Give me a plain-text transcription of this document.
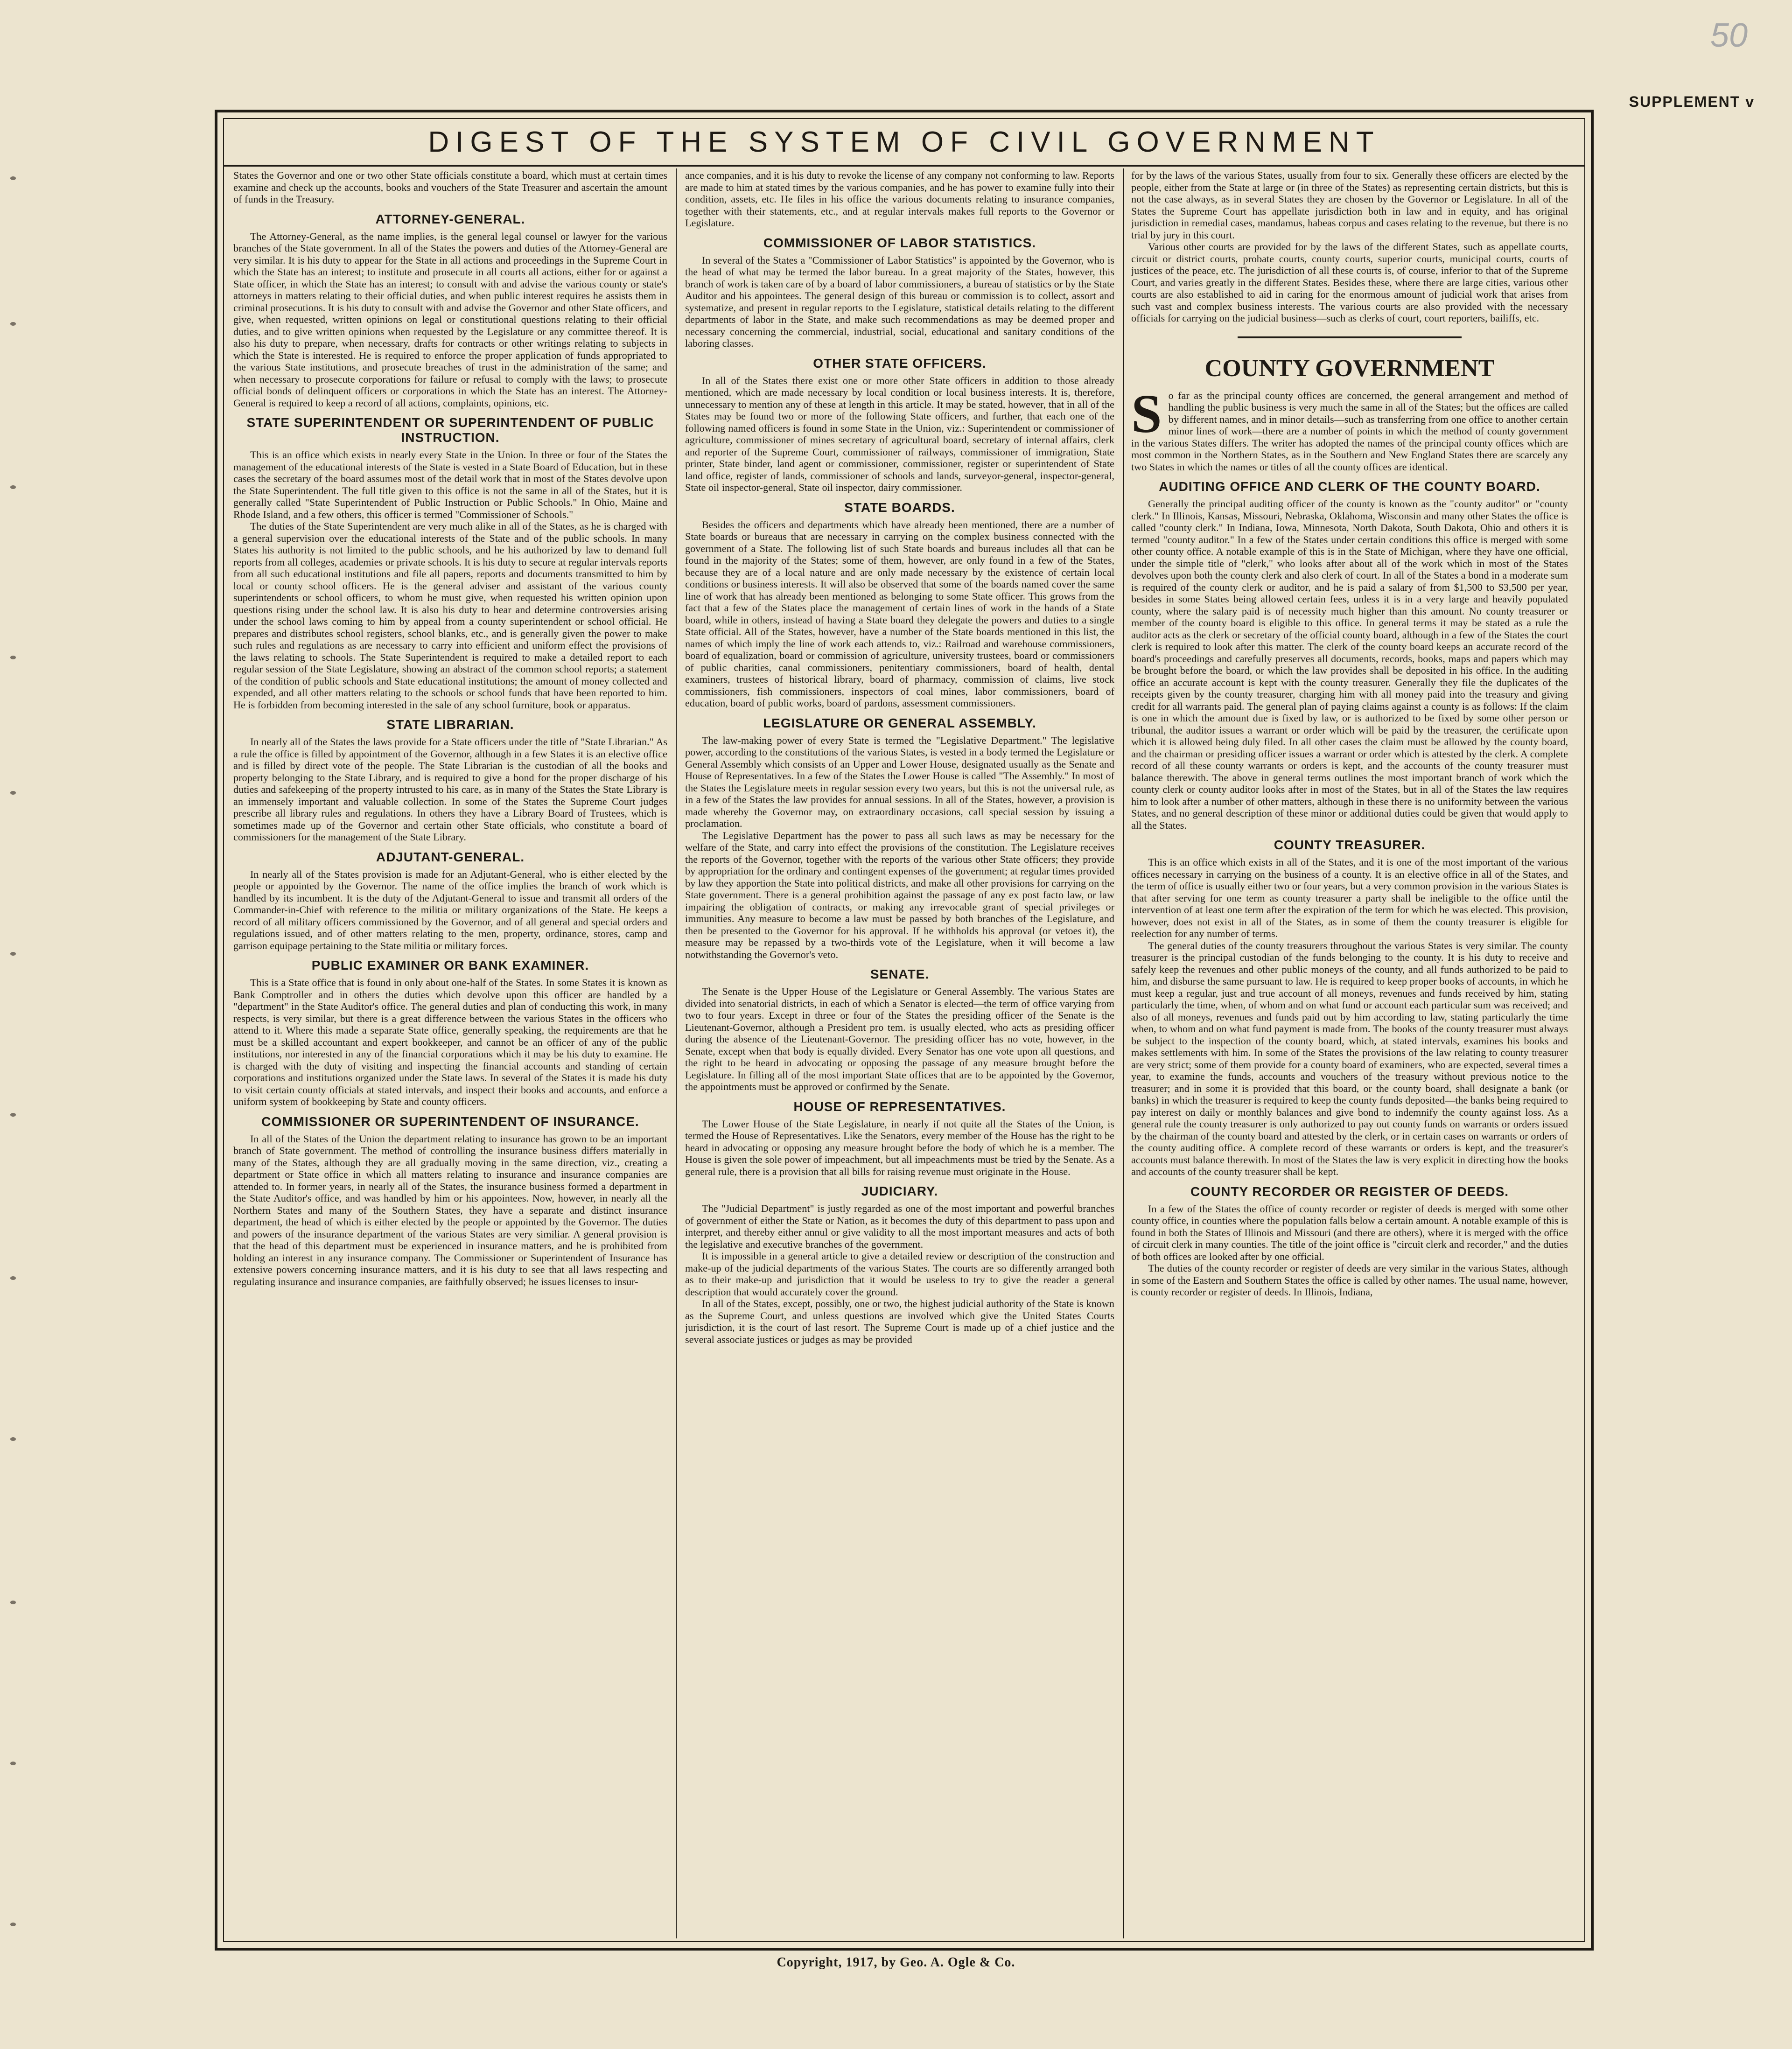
50
SUPPLEMENT v
DIGEST OF THE SYSTEM OF CIVIL GOVERNMENT

States the Governor and one or two other State officials constitute a board, which must at certain times examine and check up the accounts, books and vouchers of the State Treasurer and ascertain the amount of funds in the Treasury.

ATTORNEY-GENERAL.

The Attorney-General, as the name implies, is the general legal counsel or lawyer for the various branches of the State government. In all of the States the powers and duties of the Attorney-General are very similar. It is his duty to appear for the State in all actions and proceedings in the Supreme Court in which the State has an interest; to institute and prosecute in all courts all actions, either for or against a State officer, in which the State has an interest; to consult with and advise the various county or state's attorneys in matters relating to their official duties, and when public interest requires he assists them in criminal prosecutions. It is his duty to consult with and advise the Governor and other State officers, and give, when requested, written opinions on legal or constitutional questions relating to their official duties, and to give written opinions when requested by the Legislature or any committee thereof. It is also his duty to prepare, when necessary, drafts for contracts or other writings relating to subjects in which the State is interested. He is required to enforce the proper application of funds appropriated to the various State institutions, and prosecute breaches of trust in the administration of the same; and when necessary to prosecute corporations for failure or refusal to comply with the laws; to prosecute official bonds of delinquent officers or corporations in which the State has an interest. The Attorney-General is required to keep a record of all actions, complaints, opinions, etc.

STATE SUPERINTENDENT OR SUPERINTENDENT OF PUBLIC INSTRUCTION.

This is an office which exists in nearly every State in the Union. In three or four of the States the management of the educational interests of the State is vested in a State Board of Education, but in these cases the secretary of the board assumes most of the detail work that in most of the States devolve upon the State Superintendent. The full title given to this office is not the same in all of the States, but it is generally called "State Superintendent of Public Instruction or Public Schools." In Ohio, Maine and Rhode Island, and a few others, this officer is termed "Commissioner of Schools."

The duties of the State Superintendent are very much alike in all of the States, as he is charged with a general supervision over the educational interests of the State and of the public schools. In many States his authority is not limited to the public schools, and he his authorized by law to demand full reports from all colleges, academies or private schools. It is his duty to secure at regular intervals reports from all such educational institutions and file all papers, reports and documents transmitted to him by local or county school officers. He is the general adviser and assistant of the various county superintendents or school officers, to whom he must give, when requested his written opinion upon questions rising under the school law. It is also his duty to hear and determine controversies arising under the school laws coming to him by appeal from a county superintendent or school official. He prepares and distributes school registers, school blanks, etc., and is generally given the power to make such rules and regulations as are necessary to carry into efficient and uniform effect the provisions of the laws relating to schools. The State Superintendent is required to make a detailed report to each regular session of the State Legislature, showing an abstract of the common school reports; a statement of the condition of public schools and State educational institutions; the amount of money collected and expended, and all other matters relating to the schools or school funds that have been reported to him. He is forbidden from becoming interested in the sale of any school furniture, book or apparatus.

STATE LIBRARIAN.

In nearly all of the States the laws provide for a State officers under the title of "State Librarian." As a rule the office is filled by appointment of the Governor, although in a few States it is an elective office and is filled by direct vote of the people. The State Librarian is the custodian of all the books and property belonging to the State Library, and is required to give a bond for the proper discharge of his duties and safekeeping of the property intrusted to his care, as in many of the States the State Library is an immensely important and valuable collection. In some of the States the Supreme Court judges prescribe all library rules and regulations. In others they have a Library Board of Trustees, which is sometimes made up of the Governor and certain other State officials, who constitute a board of commissioners for the management of the State Library.

ADJUTANT-GENERAL.

In nearly all of the States provision is made for an Adjutant-General, who is either elected by the people or appointed by the Governor. The name of the office implies the branch of work which is handled by its incumbent. It is the duty of the Adjutant-General to issue and transmit all orders of the Commander-in-Chief with reference to the militia or military organizations of the State. He keeps a record of all military officers commissioned by the Governor, and of all general and special orders and regulations issued, and of other matters relating to the men, property, ordinance, stores, camp and garrison equipage pertaining to the State militia or military forces.

PUBLIC EXAMINER OR BANK EXAMINER.

This is a State office that is found in only about one-half of the States. In some States it is known as Bank Comptroller and in others the duties which devolve upon this officer are handled by a "department" in the State Auditor's office. The general duties and plan of conducting this work, in many respects, is very similar, but there is a great difference between the various States in the officers who attend to it. Where this made a separate State office, generally speaking, the requirements are that he must be a skilled accountant and expert bookkeeper, and cannot be an officer of any of the public institutions, nor interested in any of the financial corporations which it may be his duty to examine. He is charged with the duty of visiting and inspecting the financial accounts and standing of certain corporations and institutions organized under the State laws. In several of the States it is made his duty to visit certain county officials at stated intervals, and inspect their books and accounts, and enforce a uniform system of bookkeeping by State and county officers.

COMMISSIONER OR SUPERINTENDENT OF INSURANCE.

In all of the States of the Union the department relating to insurance has grown to be an important branch of State government. The method of controlling the insurance business differs materially in many of the States, although they are all gradually moving in the same direction, viz., creating a department or State office in which all matters relating to insurance and insurance companies are attended to. In former years, in nearly all of the States, the insurance business formed a department in the State Auditor's office, and was handled by him or his appointees. Now, however, in nearly all the Northern States and many of the Southern States, they have a separate and distinct insurance department, the head of which is either elected by the people or appointed by the Governor. The duties and powers of the insurance department of the various States are very similiar. A general provision is that the head of this department must be experienced in insurance matters, and he is prohibited from holding an interest in any insurance company. The Commissioner or Superintendent of Insurance has extensive powers concerning insurance matters, and it is his duty to see that all laws respecting and regulating insurance and insurance companies, are faithfully observed; he issues licenses to insur-

ance companies, and it is his duty to revoke the license of any company not conforming to law. Reports are made to him at stated times by the various companies, and he has power to examine fully into their condition, assets, etc. He files in his office the various documents relating to insurance companies, together with their statements, etc., and at regular intervals makes full reports to the Governor or Legislature.

COMMISSIONER OF LABOR STATISTICS.

In several of the States a "Commissioner of Labor Statistics" is appointed by the Governor, who is the head of what may be termed the labor bureau. In a great majority of the States, however, this branch of work is taken care of by a board of labor commissioners, a bureau of statistics or by the State Auditor and his appointees. The general design of this bureau or commission is to collect, assort and systematize, and present in regular reports to the Legislature, statistical details relating to the different departments of labor in the State, and make such recommendations as may be deemed proper and necessary concerning the commercial, industrial, social, educational and sanitary conditions of the laboring classes.

OTHER STATE OFFICERS.

In all of the States there exist one or more other State officers in addition to those already mentioned, which are made necessary by local condition or local business interests. It is, therefore, unnecessary to mention any of these at length in this article. It may be stated, however, that in all of the States may be found two or more of the following State officers, and further, that each one of the following named officers is found in some State in the Union, viz.: Superintendent or commissioner of agriculture, commissioner of mines secretary of agricultural board, secretary of internal affairs, clerk and reporter of the Supreme Court, commissioner of railways, commissioner of immigration, State printer, State binder, land agent or commissioner, commissioner, register or superintendent of State land office, register of lands, commissioner of schools and lands, surveyor-general, inspector-general, State oil inspector-general, State oil inspector, dairy commissioner.

STATE BOARDS.

Besides the officers and departments which have already been mentioned, there are a number of State boards or bureaus that are necessary in carrying on the complex business connected with the government of a State. The following list of such State boards and bureaus includes all that can be found in the majority of the States; some of them, however, are only found in a few of the States, because they are of a local nature and are only made necessary by the existence of certain local conditions or business interests. It will also be observed that some of the boards named cover the same line of work that has already been mentioned as belonging to some State officer. This grows from the fact that a few of the States place the management of certain lines of work in the hands of a State board, while in others, instead of having a State board they delegate the powers and duties to a single State official. All of the States, however, have a number of the State boards mentioned in this list, the names of which imply the line of work each attends to, viz.: Railroad and warehouse commissioners, board of equalization, board or commission of agriculture, university trustees, board or commissioners of public charities, canal commissioners, penitentiary commissioners, board of health, dental examiners, trustees of historical library, board of pharmacy, commission of claims, live stock commissioners, fish commissioners, inspectors of coal mines, labor commissioners, board of education, board of public works, board of pardons, assessment commissioners.

LEGISLATURE OR GENERAL ASSEMBLY.

The law-making power of every State is termed the "Legislative Department." The legislative power, according to the constitutions of the various States, is vested in a body termed the Legislature or General Assembly which consists of an Upper and Lower House, designated usually as the Senate and House of Representatives. In a few of the States the Lower House is called "The Assembly." In most of the States the Legislature meets in regular session every two years, but this is not the universal rule, as in a few of the States the law provides for annual sessions. In all of the States, however, a provision is made whereby the Governor may, on extraordinary occasions, call special session by issuing a proclamation.

The Legislative Department has the power to pass all such laws as may be necessary for the welfare of the State, and carry into effect the provisions of the constitution. The Legislature receives the reports of the Governor, together with the reports of the various other State officers; they provide by appropriation for the ordinary and contingent expenses of the government; at regular times provided by law they apportion the State into political districts, and make all other provisions for carrying on the State government. There is a general prohibition against the passage of any ex post facto law, or law impairing the obligation of contracts, or making any irrevocable grant of special privileges or immunities. Any measure to become a law must be passed by both branches of the Legislature, and then be presented to the Governor for his approval. If he withholds his approval (or vetoes it), the measure may be repassed by a two-thirds vote of the Legislature, when it will become a law notwithstanding the Governor's veto.

SENATE.

The Senate is the Upper House of the Legislature or General Assembly. The various States are divided into senatorial districts, in each of which a Senator is elected—the term of office varying from two to four years. Except in three or four of the States the presiding officer of the Senate is the Lieutenant-Governor, although a President pro tem. is usually elected, who acts as presiding officer during the absence of the Lieutenant-Governor. The presiding officer has no vote, however, in the Senate, except when that body is equally divided. Every Senator has one vote upon all questions, and the right to be heard in advocating or opposing the passage of any measure brought before the Legislature. In filling all of the most important State offices that are to be appointed by the Governor, the appointments must be approved or confirmed by the Senate.

HOUSE OF REPRESENTATIVES.

The Lower House of the State Legislature, in nearly if not quite all the States of the Union, is termed the House of Representatives. Like the Senators, every member of the House has the right to be heard in advocating or opposing any measure brought before the body of which he is a member. The House is given the sole power of impeachment, but all impeachments must be tried by the Senate. As a general rule, there is a provision that all bills for raising revenue must originate in the House.

JUDICIARY.

The "Judicial Department" is justly regarded as one of the most important and powerful branches of government of either the State or Nation, as it becomes the duty of this department to pass upon and interpret, and thereby either annul or give validity to all the most important measures and acts of both the legislative and executive branches of the government.

It is impossible in a general article to give a detailed review or description of the construction and make-up of the judicial departments of the various States. The courts are so differently arranged both as to their make-up and jurisdiction that it would be useless to try to give the reader a general description that would accurately cover the ground.

In all of the States, except, possibly, one or two, the highest judicial authority of the State is known as the Supreme Court, and unless questions are involved which give the United States Courts jurisdiction, it is the court of last resort. The Supreme Court is made up of a chief justice and the several associate justices or judges as may be provided

for by the laws of the various States, usually from four to six. Generally these officers are elected by the people, either from the State at large or (in three of the States) as representing certain districts, but this is not the case always, as in several States they are chosen by the Governor or Legislature. In all of the States the Supreme Court has appellate jurisdiction both in law and in equity, and has original jurisdiction in remedial cases, mandamus, habeas corpus and cases relating to the revenue, but there is no trial by jury in this court.

Various other courts are provided for by the laws of the different States, such as appellate courts, circuit or district courts, probate courts, county courts, superior courts, municipal courts, courts of justices of the peace, etc. The jurisdiction of all these courts is, of course, inferior to that of the Supreme Court, and varies greatly in the different States. Besides these, where there are large cities, various other courts are also established to aid in caring for the enormous amount of judicial work that arises from such vast and complex business interests. The various courts are also provided with the necessary officials for carrying on the judicial business—such as clerks of court, court reporters, bailiffs, etc.

COUNTY GOVERNMENT

So far as the principal county offices are concerned, the general arrangement and method of handling the public business is very much the same in all of the States; but the offices are called by different names, and in minor details—such as transferring from one office to another certain minor lines of work—there are a number of points in which the method of county government in the various States differs. The writer has adopted the names of the principal county offices which are most common in the Northern States, as in the Southern and New England States there are scarcely any two States in which the names or titles of all the county offices are identical.

AUDITING OFFICE AND CLERK OF THE COUNTY BOARD.

Generally the principal auditing officer of the county is known as the "county auditor" or "county clerk." In Illinois, Kansas, Missouri, Nebraska, Oklahoma, Wisconsin and many other States the office is called "county clerk." In Indiana, Iowa, Minnesota, North Dakota, South Dakota, Ohio and others it is termed "county auditor." In a few of the States under certain conditions this office is merged with some other county office. A notable example of this is in the State of Michigan, where they have one official, under the simple title of "clerk," who looks after about all of the work which in most of the States devolves upon both the county clerk and also clerk of court. In all of the States a bond in a moderate sum is required of the county clerk or auditor, and he is paid a salary of from $1,500 to $3,500 per year, besides in some States being allowed certain fees, unless it is in a very large and heavily populated county, where the salary paid is of necessity much higher than this amount. No county treasurer or member of the county board is eligible to this office. In general terms it may be stated as a rule the auditor acts as the clerk or secretary of the official county board, although in a few of the States the court clerk is required to look after this matter. The clerk of the county board keeps an accurate record of the board's proceedings and carefully preserves all documents, records, books, maps and papers which may be brought before the board, or which the law provides shall be deposited in his office. In the auditing office an accurate account is kept with the county treasurer. Generally they file the duplicates of the receipts given by the county treasurer, charging him with all money paid into the treasury and giving credit for all warrants paid. The general plan of paying claims against a county is as follows: If the claim is one in which the amount due is fixed by law, or is authorized to be fixed by some other person or tribunal, the auditor issues a warrant or order which will be paid by the treasurer, the certificate upon which it is allowed being duly filed. In all other cases the claim must be allowed by the county board, and the chairman or presiding officer issues a warrant or order which is attested by the clerk. A complete record of all these county warrants or orders is kept, and the accounts of the county treasurer must balance therewith. The above in general terms outlines the most important branch of work which the county clerk or county auditor looks after in most of the States, but in all of the States the law requires him to look after a number of other matters, although in these there is no uniformity between the various States, and no general description of these minor or additional duties could be given that would apply to all the States.

COUNTY TREASURER.

This is an office which exists in all of the States, and it is one of the most important of the various offices necessary in carrying on the business of a county. It is an elective office in all of the States, and the term of office is usually either two or four years, but a very common provision in the various States is that after serving for one term as county treasurer a party shall be ineligible to the office until the intervention of at least one term after the expiration of the term for which he was elected. This provision, however, does not exist in all of the States, as in some of them the county treasurer is eligible for reelection for any number of terms.

The general duties of the county treasurers throughout the various States is very similar. The county treasurer is the principal custodian of the funds belonging to the county. It is his duty to receive and safely keep the revenues and other public moneys of the county, and all funds authorized to be paid to him, and disburse the same pursuant to law. He is required to keep proper books of accounts, in which he must keep a regular, just and true account of all moneys, revenues and funds received by him, stating particularly the time, when, of whom and on what fund or account each particular sum was received; and also of all moneys, revenues and funds paid out by him according to law, stating particularly the time when, to whom and on what fund payment is made from. The books of the county treasurer must always be subject to the inspection of the county board, which, at stated intervals, examines his books and makes settlements with him. In some of the States the provisions of the law relating to county treasurer are very strict; some of them provide for a county board of examiners, who are expected, several times a year, to examine the funds, accounts and vouchers of the treasury without previous notice to the treasurer; and in some it is provided that this board, or the county board, shall designate a bank (or banks) in which the treasurer is required to keep the county funds deposited—the banks being required to pay interest on daily or monthly balances and give bond to indemnify the county against loss. As a general rule the county treasurer is only authorized to pay out county funds on warrants or orders issued by the chairman of the county board and attested by the clerk, or in certain cases on warrants or orders of the county auditing office. A complete record of these warrants or orders is kept, and the treasurer's accounts must balance therewith. In most of the States the law is very explicit in directing how the books and accounts of the county treasurer shall be kept.

COUNTY RECORDER OR REGISTER OF DEEDS.

In a few of the States the office of county recorder or register of deeds is merged with some other county office, in counties where the population falls below a certain amount. A notable example of this is found in both the States of Illinois and Missouri (and there are others), where it is merged with the office of circuit clerk in many counties. The title of the joint office is "circuit clerk and recorder," and the duties of both offices are looked after by one official.

The duties of the county recorder or register of deeds are very similar in the various States, although in some of the Eastern and Southern States the office is called by other names. The usual name, however, is county recorder or register of deeds. In Illinois, Indiana,

Copyright, 1917, by Geo. A. Ogle & Co.
